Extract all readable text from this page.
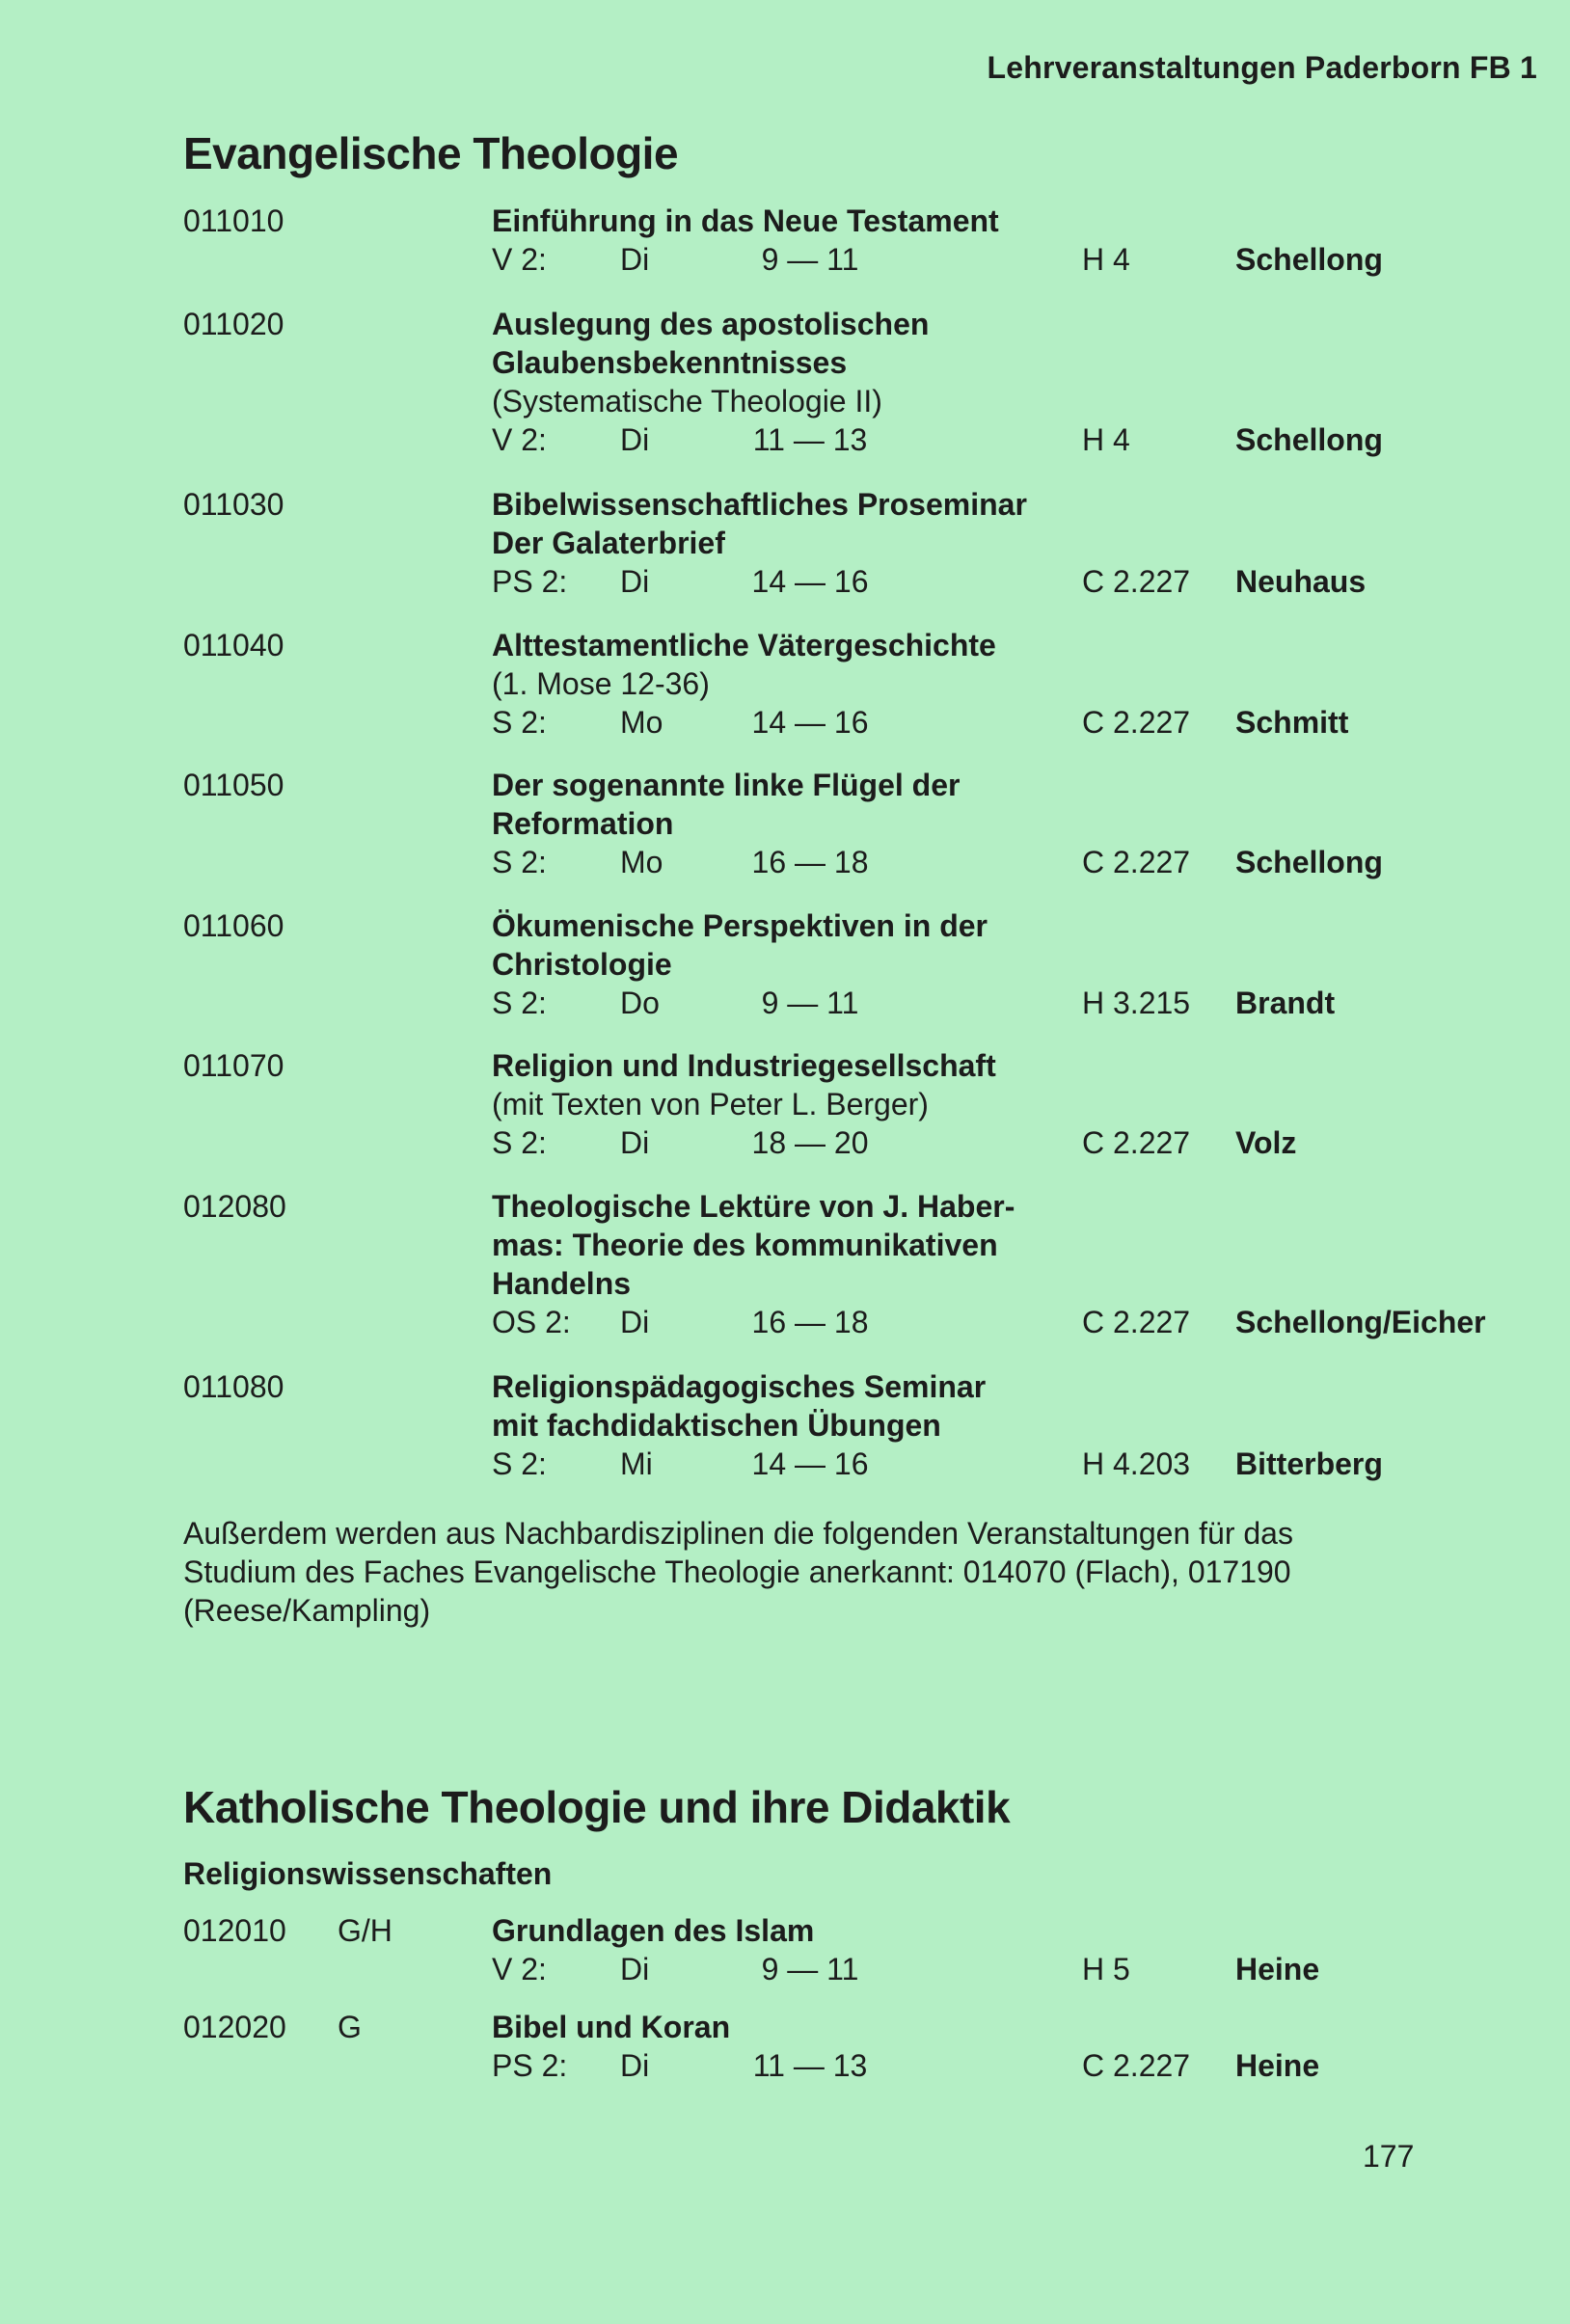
Lehrveranstaltungen Paderborn FB 1
Evangelische Theologie
011010	Einführung in das Neue Testament
V 2: Di	9 — 11	H 4	Schellong
011020	Auslegung des apostolischen
Glaubensbekenntnisses
(Systematische Theologie II)
V 2: Di	11 — 13	H 4	Schellong
011030	Bibelwissenschaftliches Proseminar
Der Galaterbrief
PS 2: Di	14 — 16	C 2.227 Neuhaus
011040	Alttestamentliche Vätergeschichte
(1. Mose 12-36)
S 2: Mo	14 — 16	C 2.227 Schmitt
011050	Der sogenannte linke Flügel der
Reformation
S 2: Mo	16 — 18	C 2.227 Schellong
011060	Ökumenische Perspektiven in der
Christologie
S 2: Do	9 — 11	H 3.215 Brandt
011070	Religion und Industriegesellschaft
(mit Texten von Peter L. Berger)
S 2: Di	18 — 20	C 2.227 Volz
012080	Theologische Lektüre von J. Haber-
mas: Theorie des kommunikativen
Handelns
OS 2: Di	16 — 18	C 2.227 Schellong/Eicher
011080	Religionspädagogisches Seminar
mit fachdidaktischen Übungen
S 2: Mi	14 — 16	H 4.203 Bitterberg
Außerdem werden aus Nachbardisziplinen die folgenden Veranstaltungen für das
Studium des Faches Evangelische Theologie anerkannt: 014070 (Flach), 017190
(Reese/Kampling)
Katholische Theologie und ihre Didaktik
Religionswissenschaften
012010 G/H	Grundlagen des Islam
V 2: Di	9 — 11	H 5	Heine
012020 G	Bibel und Koran
PS 2: Di	11 — 13	C 2.227 Heine
177
